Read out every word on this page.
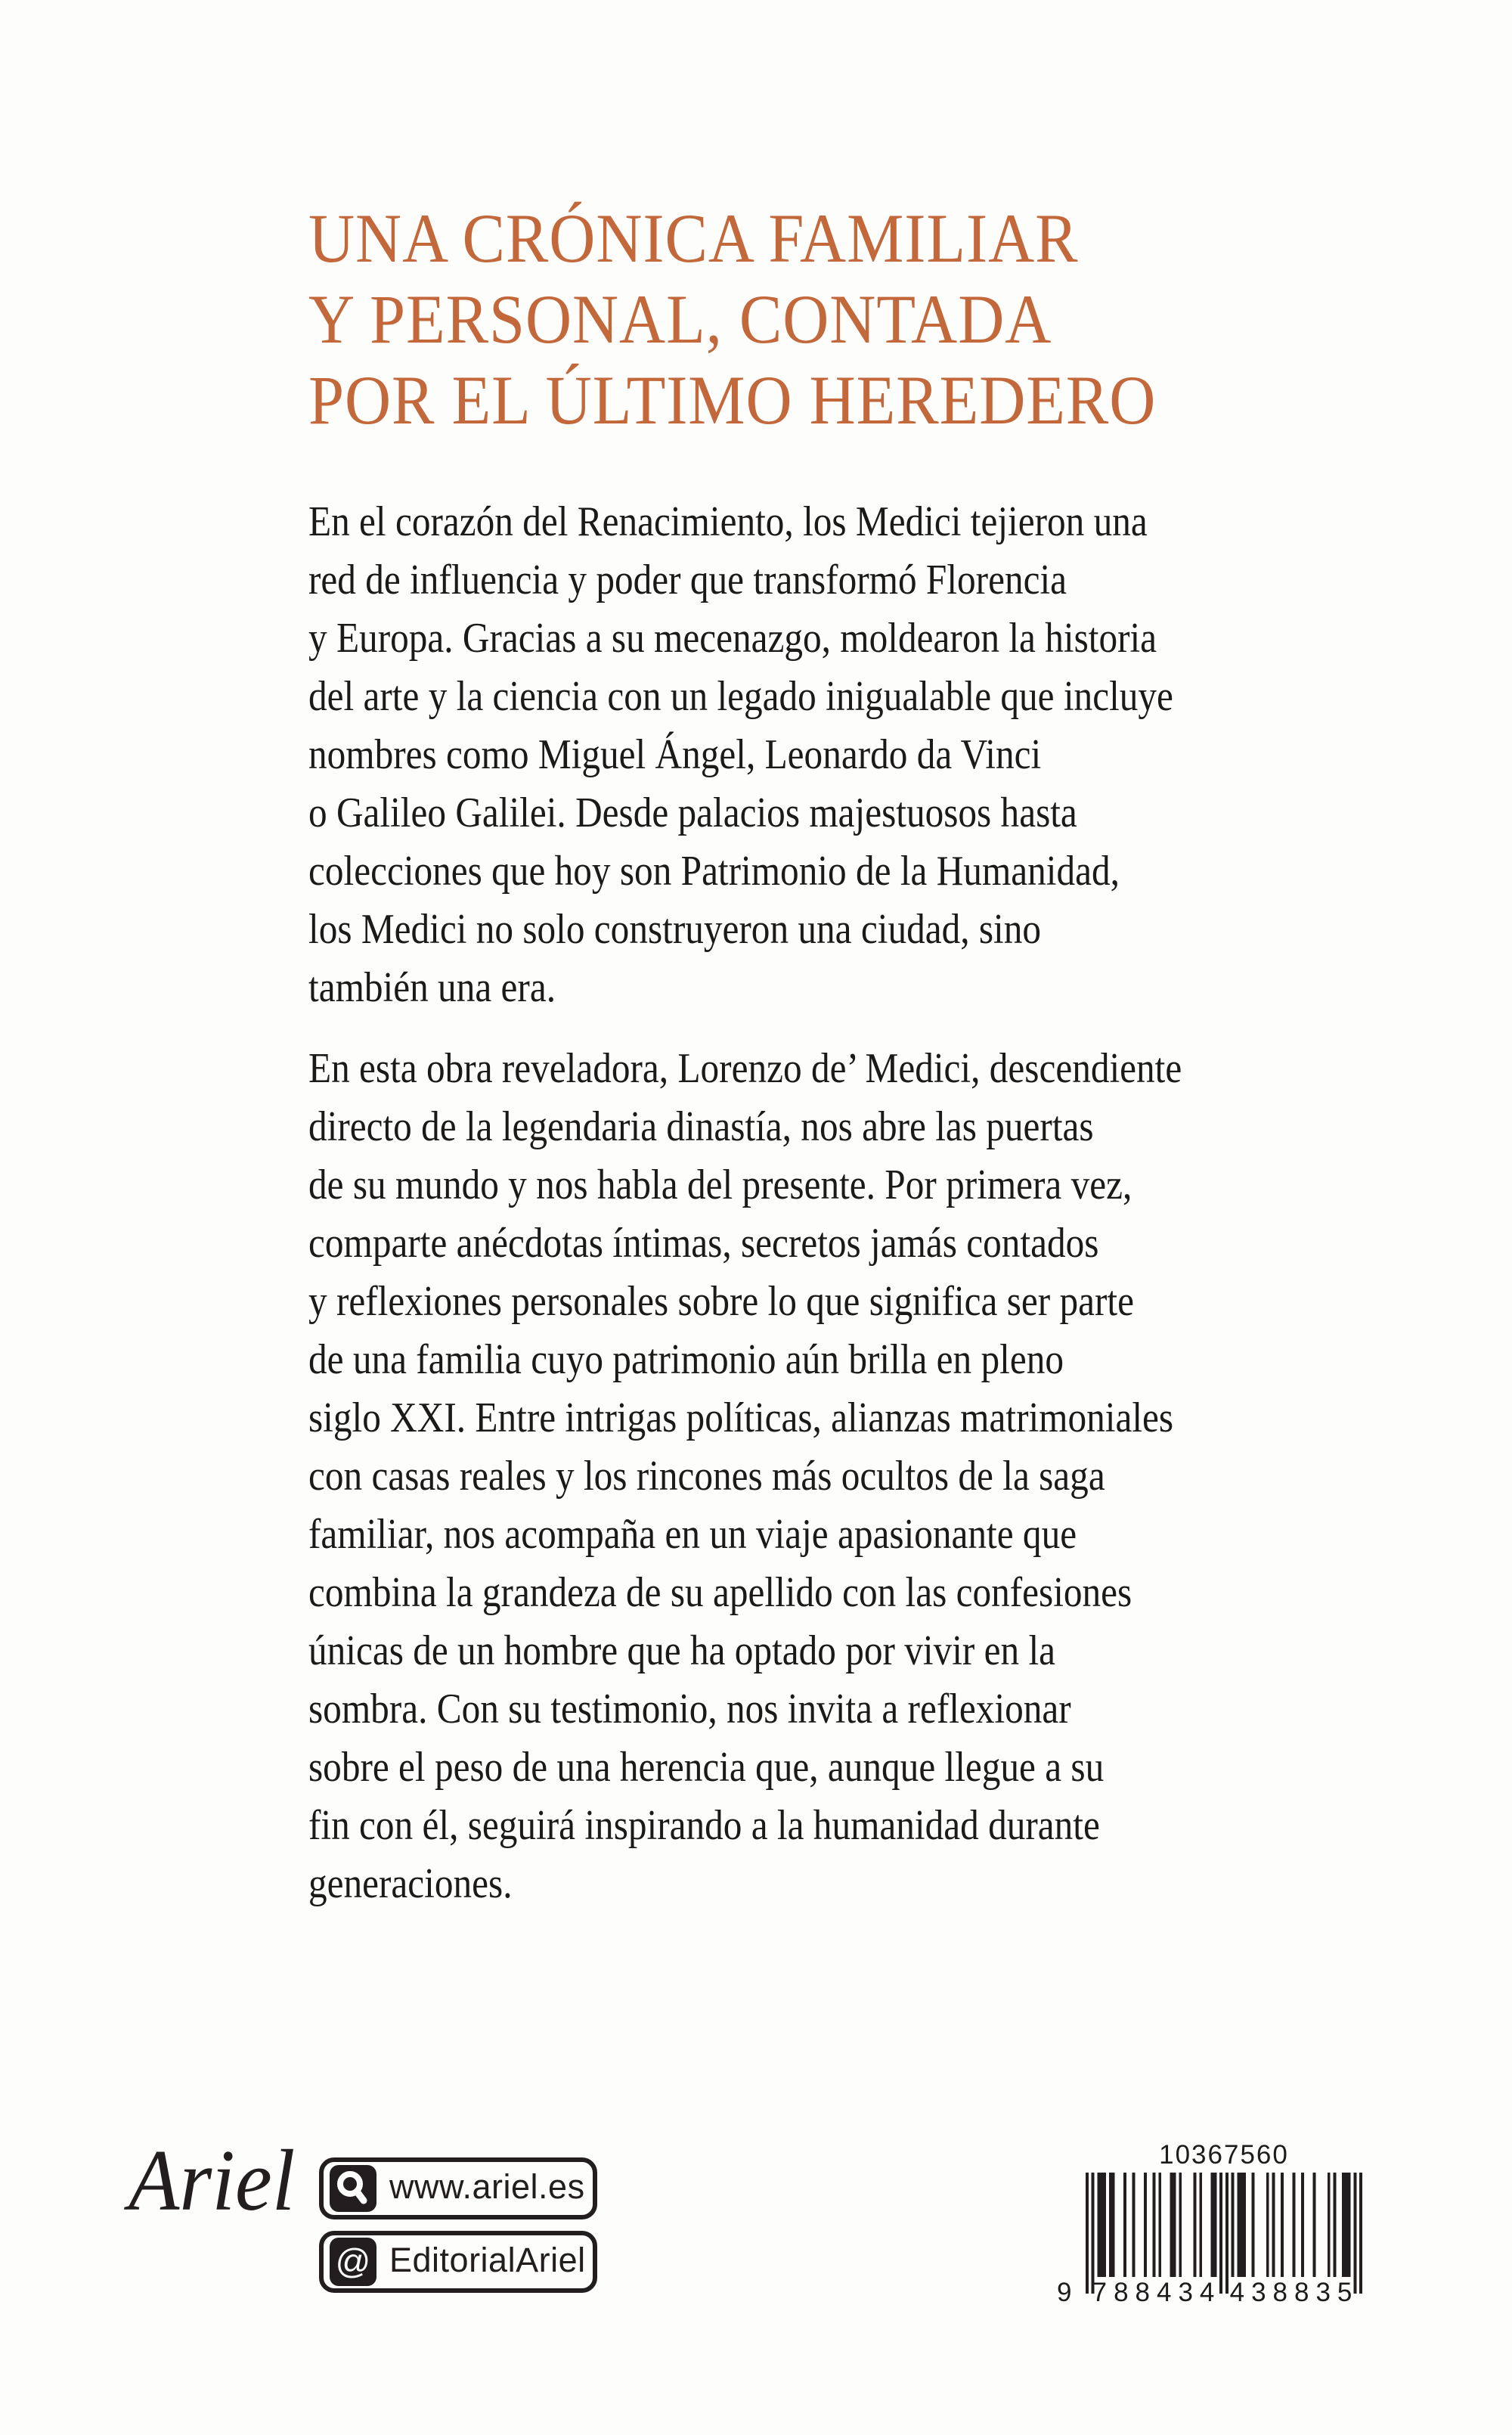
UNA CRÓNICA FAMILIAR
Y PERSONAL, CONTADA
POR EL ÚLTIMO HEREDERO
En el corazón del Renacimiento, los Medici tejieron una
red de influencia y poder que transformó Florencia
y Europa. Gracias a su mecenazgo, moldearon la historia
del arte y la ciencia con un legado inigualable que incluye
nombres como Miguel Ángel, Leonardo da Vinci
o Galileo Galilei. Desde palacios majestuosos hasta
colecciones que hoy son Patrimonio de la Humanidad,
los Medici no solo construyeron una ciudad, sino
también una era.
En esta obra reveladora, Lorenzo de’ Medici, descendiente
directo de la legendaria dinastía, nos abre las puertas
de su mundo y nos habla del presente. Por primera vez,
comparte anécdotas íntimas, secretos jamás contados
y reflexiones personales sobre lo que significa ser parte
de una familia cuyo patrimonio aún brilla en pleno
siglo XXI. Entre intrigas políticas, alianzas matrimoniales
con casas reales y los rincones más ocultos de la saga
familiar, nos acompaña en un viaje apasionante que
combina la grandeza de su apellido con las confesiones
únicas de un hombre que ha optado por vivir en la
sombra. Con su testimonio, nos invita a reflexionar
sobre el peso de una herencia que, aunque llegue a su
fin con él, seguirá inspirando a la humanidad durante
generaciones.
Ariel	www.ariel.es
@ EditorialAriel
10367560
9 788434 438835
